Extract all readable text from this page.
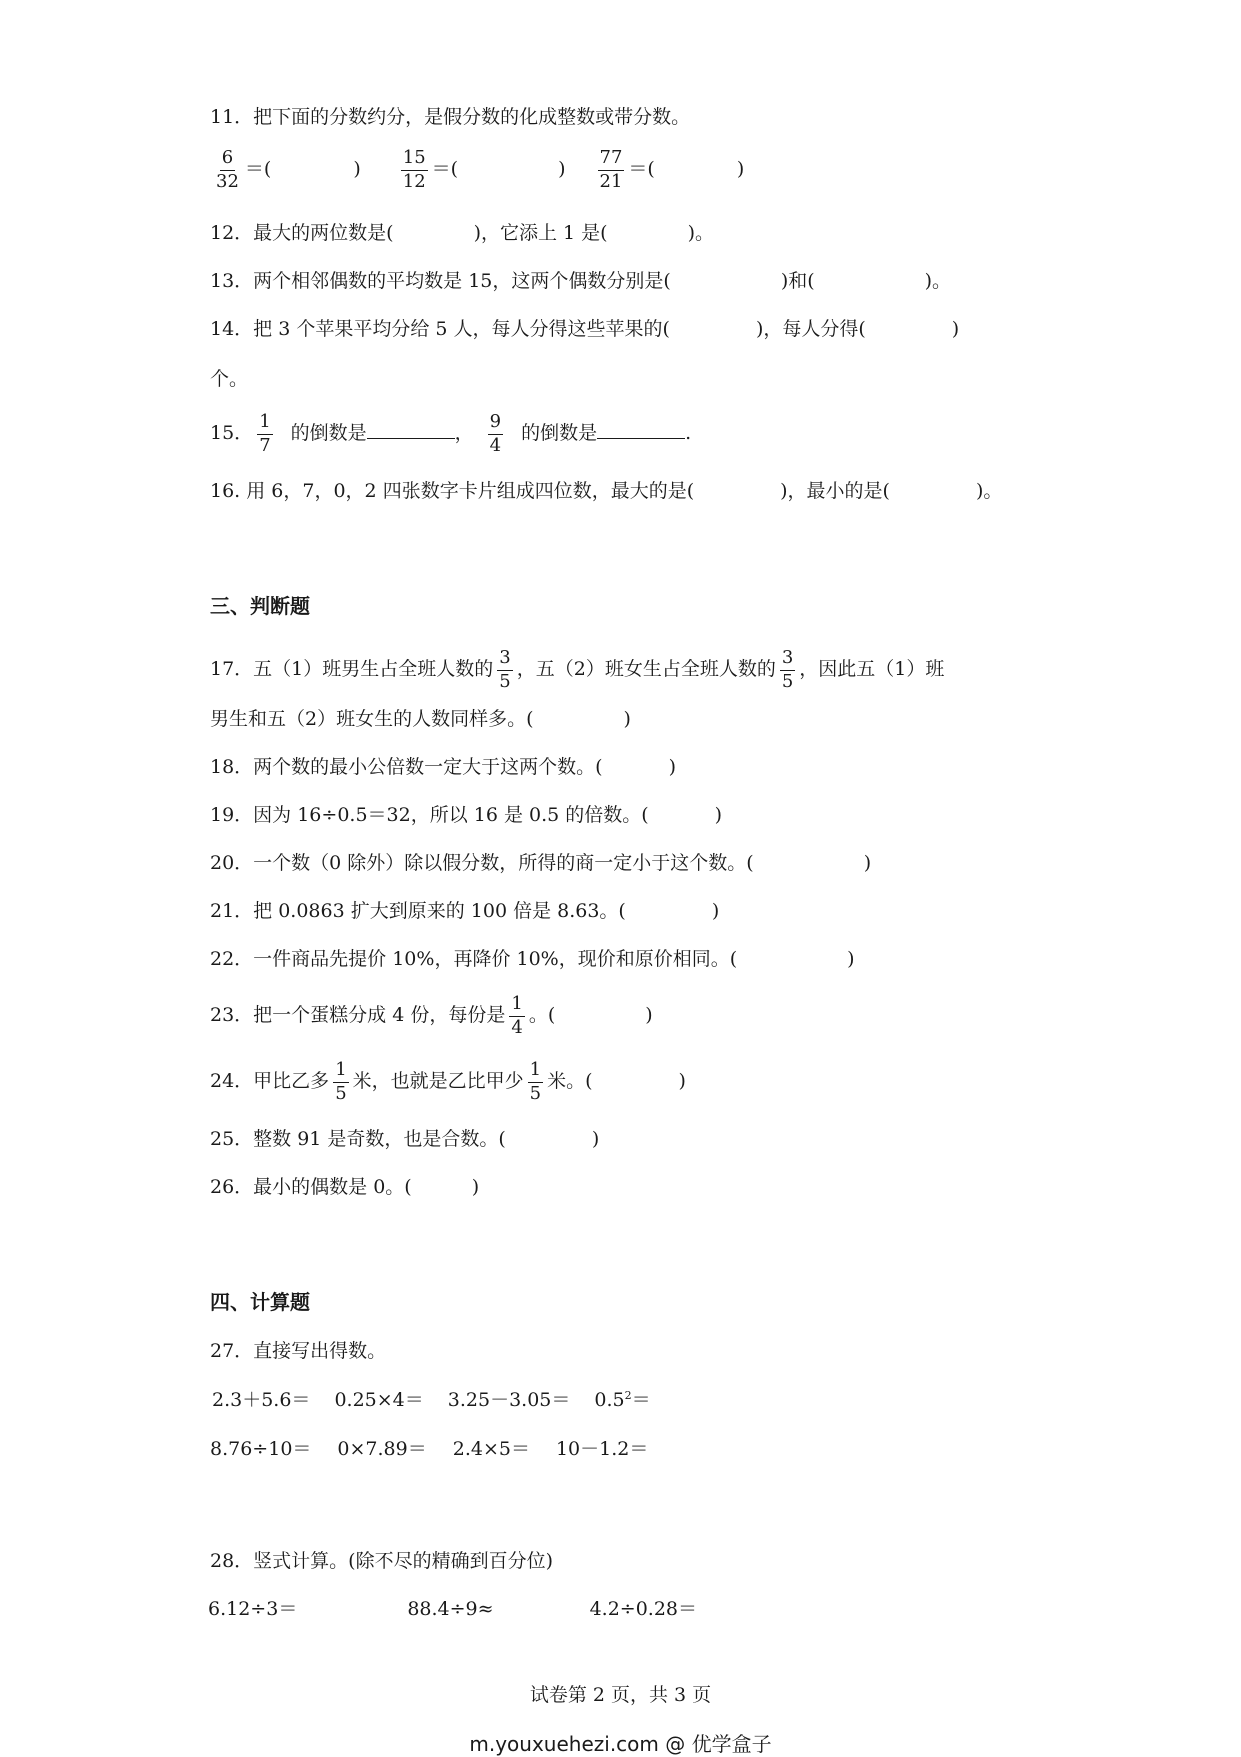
11．把下面的分数约分，是假分数的化成整数或带分数。
$\frac{6}{32}$ ＝(	) $\frac{15}{12}$ ＝(	) $\frac{77}{21}$ ＝(	)
12．最大的两位数是(	)，它添上 1 是(	)。
13．两个相邻偶数的平均数是 15，这两个偶数分别是(	)和(	)。
14．把 3 个苹果平均分给 5 人，每人分得这些苹果的(	)，每人分得(	)
个。
15． $\frac{1}{7}$ 的倒数是	， $\frac{9}{4}$ 的倒数是	.
16. 用 6，7，0，2 四张数字卡片组成四位数，最大的是(	)，最小的是(	)。
三、判断题
17．五（1）班男生占全班人数的 $\frac{3}{5}$ ，五（2）班女生占全班人数的 $\frac{3}{5}$ ，因此五（1）班
男生和五（2）班女生的人数同样多。(	)
18．两个数的最小公倍数一定大于这两个数。(	)
19．因为 16÷0.5＝32，所以 16 是 0.5 的倍数。(	)
20．一个数（0 除外）除以假分数，所得的商一定小于这个数。(	)
21．把 0.0863 扩大到原来的 100 倍是 8.63。(	)
22．一件商品先提价 10%，再降价 10%，现价和原价相同。(	)
23．把一个蛋糕分成 4 份，每份是 $\frac{1}{4}$ 。(	)
24．甲比乙多 $\frac{1}{5}$ 米，也就是乙比甲少 $\frac{1}{5}$ 米。(	)
25．整数 91 是奇数，也是合数。(	)
26．最小的偶数是 0。(	)
四、计算题
27．直接写出得数。
$2.3+5.6= 0.25\times 4= 3.25-3.05= 0.5^2=$
8.76÷10＝ 0×7.89＝ 2.4×5＝ 10－1.2＝
28．竖式计算。(除不尽的精确到百分位)
6.12÷3＝	88.4÷9≈	4.2÷0.28＝
试卷第 2 页，共 3 页
m.youxuehezi.com @ 优学盒子
